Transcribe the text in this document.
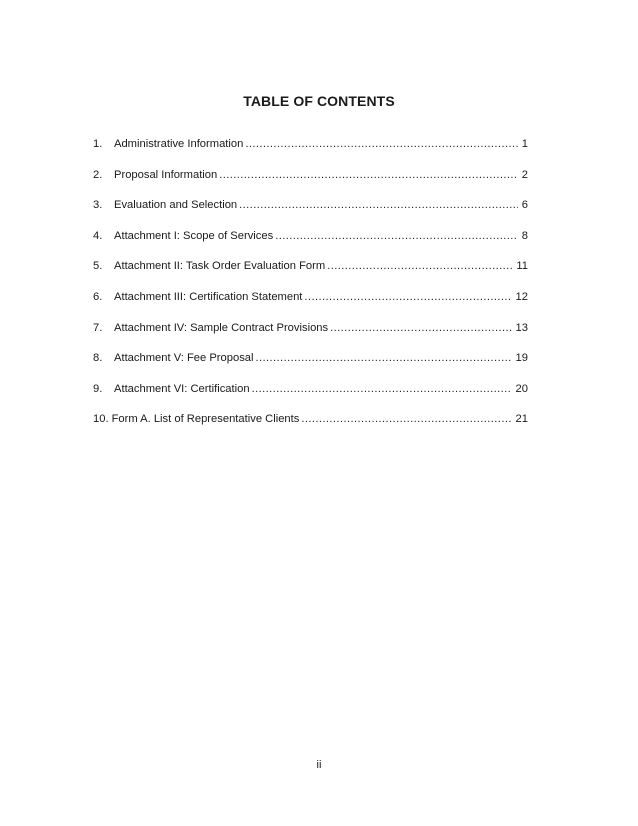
TABLE OF CONTENTS
1.	Administrative Information .....	1
2.	Proposal Information .....	2
3.	Evaluation and Selection .....	6
4.	Attachment I: Scope of Services .....	8
5.	Attachment II: Task Order Evaluation Form .....	11
6.	Attachment III: Certification Statement .....	12
7.	Attachment IV: Sample Contract Provisions .....	13
8.	Attachment V: Fee Proposal .....	19
9.	Attachment VI: Certification .....	20
10. Form A. List of Representative Clients .....	21
ii
